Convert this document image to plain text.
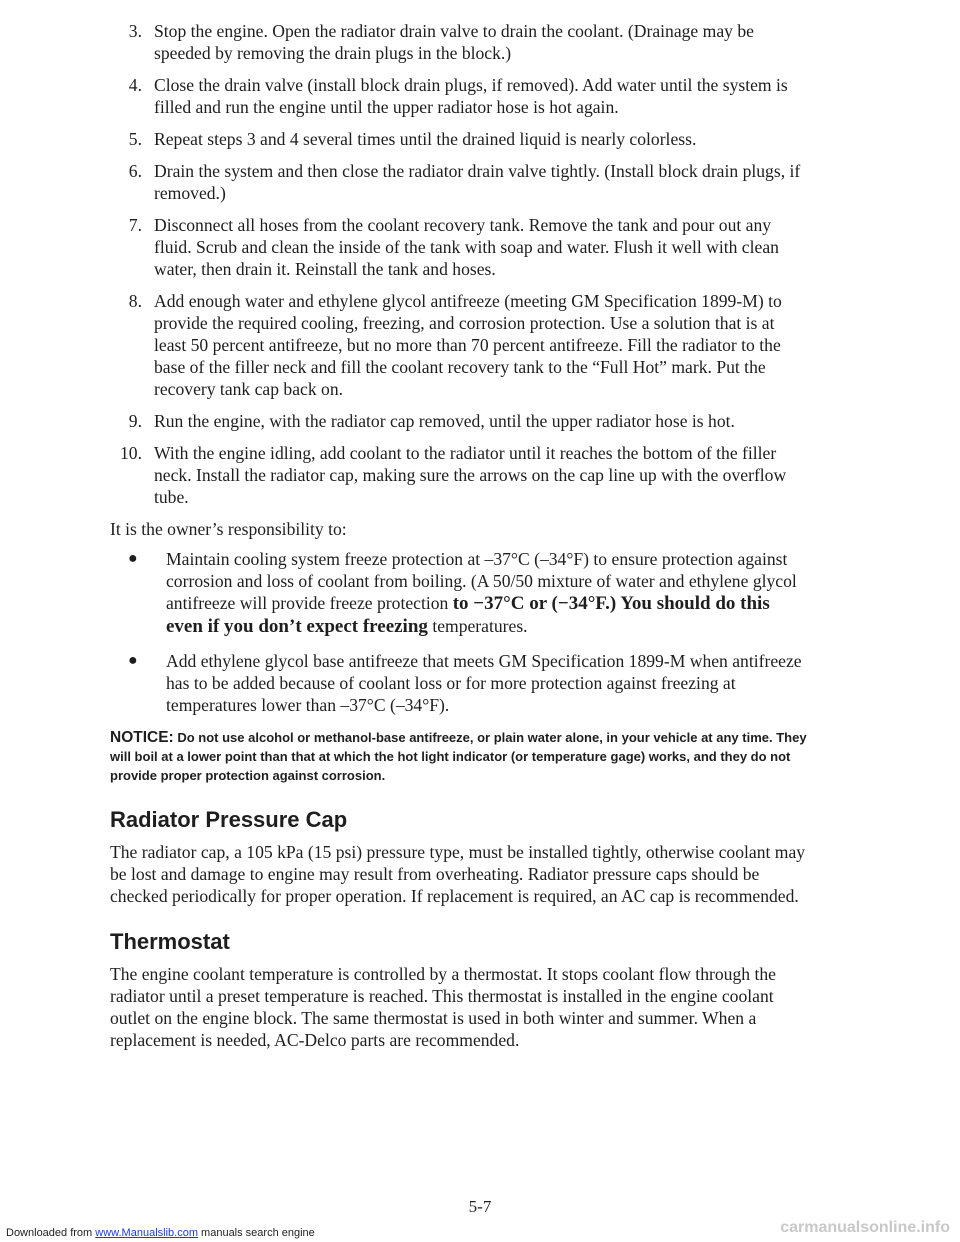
3. Stop the engine. Open the radiator drain valve to drain the coolant. (Drainage may be speeded by removing the drain plugs in the block.)
4. Close the drain valve (install block drain plugs, if removed). Add water until the system is filled and run the engine until the upper radiator hose is hot again.
5. Repeat steps 3 and 4 several times until the drained liquid is nearly colorless.
6. Drain the system and then close the radiator drain valve tightly. (Install block drain plugs, if removed.)
7. Disconnect all hoses from the coolant recovery tank. Remove the tank and pour out any fluid. Scrub and clean the inside of the tank with soap and water. Flush it well with clean water, then drain it. Reinstall the tank and hoses.
8. Add enough water and ethylene glycol antifreeze (meeting GM Specification 1899-M) to provide the required cooling, freezing, and corrosion protection. Use a solution that is at least 50 percent antifreeze, but no more than 70 percent antifreeze. Fill the radiator to the base of the filler neck and fill the coolant recovery tank to the “Full Hot” mark. Put the recovery tank cap back on.
9. Run the engine, with the radiator cap removed, until the upper radiator hose is hot.
10. With the engine idling, add coolant to the radiator until it reaches the bottom of the filler neck. Install the radiator cap, making sure the arrows on the cap line up with the overflow tube.

It is the owner’s responsibility to:

● Maintain cooling system freeze protection at –37°C (–34°F) to ensure protection against corrosion and loss of coolant from boiling. (A 50/50 mixture of water and ethylene glycol antifreeze will provide freeze protection to −37°C or (−34°F.) You should do this even if you don’t expect freezing temperatures.
● Add ethylene glycol base antifreeze that meets GM Specification 1899-M when antifreeze has to be added because of coolant loss or for more protection against freezing at temperatures lower than –37°C (–34°F).
NOTICE: Do not use alcohol or methanol-base antifreeze, or plain water alone, in your vehicle at any time. They will boil at a lower point than that at which the hot light indicator (or temperature gage) works, and they do not provide proper protection against corrosion.
Radiator Pressure Cap

The radiator cap, a 105 kPa (15 psi) pressure type, must be installed tightly, otherwise coolant may be lost and damage to engine may result from overheating. Radiator pressure caps should be checked periodically for proper operation. If replacement is required, an AC cap is recommended.

Thermostat

The engine coolant temperature is controlled by a thermostat. It stops coolant flow through the radiator until a preset temperature is reached. This thermostat is installed in the engine coolant outlet on the engine block. The same thermostat is used in both winter and summer. When a replacement is needed, AC-Delco parts are recommended.

5-7
Downloaded from www.Manualslib.com manuals search engine	carmanualsonline.info
